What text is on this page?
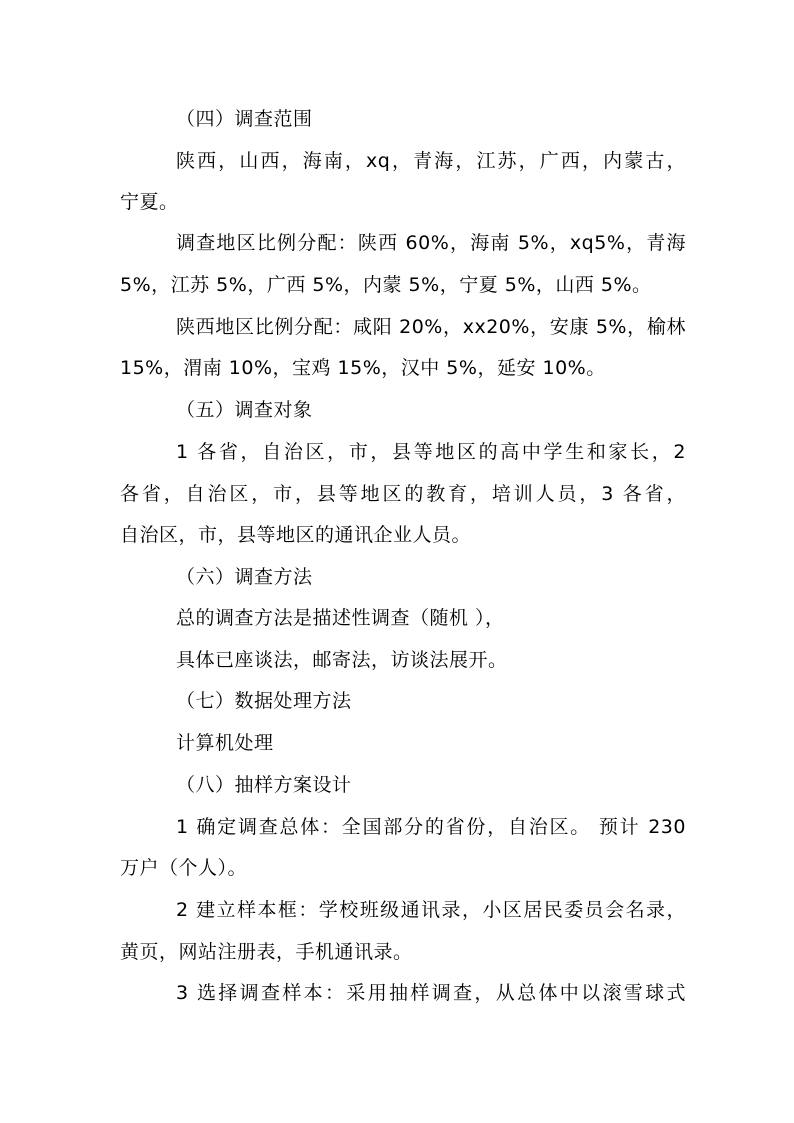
（四）调查范围
陕西，山西，海南，xq，青海，江苏，广西，内蒙古，
宁夏。
调查地区比例分配：陕西 60%，海南 5%，xq5%，青海
5%，江苏 5%，广西 5%，内蒙 5%，宁夏 5%，山西 5%。
陕西地区比例分配：咸阳 20%，xx20%，安康 5%，榆林
15%，渭南 10%，宝鸡 15%，汉中 5%，延安 10%。
（五）调查对象
1 各省，自治区，市，县等地区的高中学生和家长，2
各省，自治区，市，县等地区的教育，培训人员，3 各省，
自治区，市，县等地区的通讯企业人员。
（六）调查方法
总的调查方法是描述性调查（随机 ），
具体已座谈法，邮寄法，访谈法展开。
（七）数据处理方法
计算机处理
（八）抽样方案设计
1 确定调查总体：全国部分的省份，自治区。 预计 230
万户（个人）。
2 建立样本框：学校班级通讯录，小区居民委员会名录，
黄页，网站注册表，手机通讯录。
3 选择调查样本：采用抽样调查，从总体中以滚雪球式
